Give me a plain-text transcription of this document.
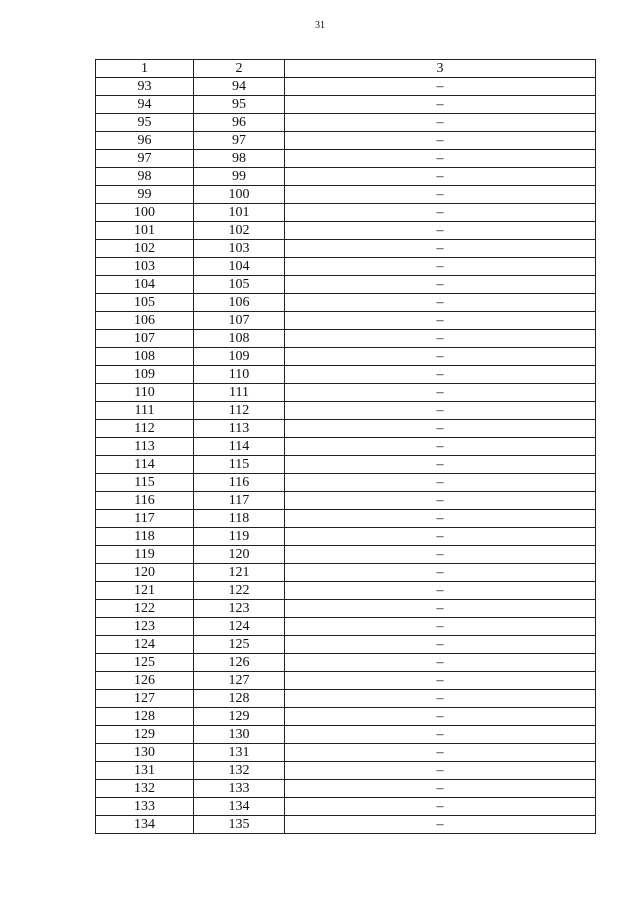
31
1	2	3
93	94	–
94	95	–
95	96	–
96	97	–
97	98	–
98	99	–
99	100	–
100	101	–
101	102	–
102	103	–
103	104	–
104	105	–
105	106	–
106	107	–
107	108	–
108	109	–
109	110	–
110	111	–
111	112	–
112	113	–
113	114	–
114	115	–
115	116	–
116	117	–
117	118	–
118	119	–
119	120	–
120	121	–
121	122	–
122	123	–
123	124	–
124	125	–
125	126	–
126	127	–
127	128	–
128	129	–
129	130	–
130	131	–
131	132	–
132	133	–
133	134	–
134	135	–
